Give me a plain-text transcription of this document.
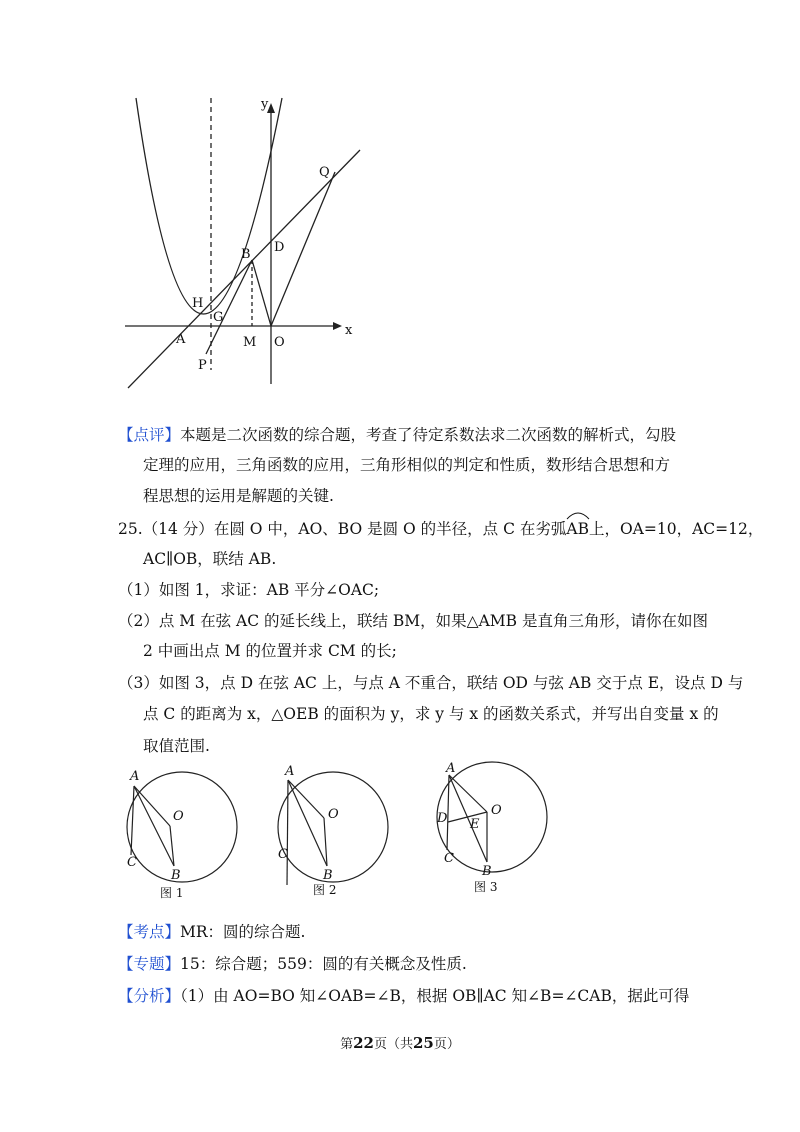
y
x
Q
D
B
H
G
A	M O
P
【点评】本题是二次函数的综合题，考查了待定系数法求二次函数的解析式，勾股
定理的应用，三角函数的应用，三角形相似的判定和性质，数形结合思想和方
程思想的运用是解题的关键.
25.（14 分）在圆 O 中，AO、BO 是圆 O 的半径，点 C 在劣弧
AB上，OA=10，AC=12，
AC∥OB，联结 AB.
（1）如图 1，求证：AB 平分∠OAC;
（2）点 M 在弦 AC 的延长线上，联结 BM，如果△AMB 是直角三角形，请你在如图
2 中画出点 M 的位置并求 CM 的长;
（3）如图 3，点 D 在弦 AC 上，与点 A 不重合，联结 OD 与弦 AB 交于点 E，设点 D 与
点 C 的距离为 x，△OEB 的面积为 y，求 y 与 x 的函数关系式，并写出自变量 x 的
取值范围.
A
O
C
B
A
O
C
B
A
O
D E
C
B
图 1	图 2	图 3
【考点】MR：圆的综合题.
【专题】15：综合题；559：圆的有关概念及性质.
【分析】（1）由 AO=BO 知∠OAB=∠B，根据 OB∥AC 知∠B=∠CAB，据此可得
第22页（共25页）
